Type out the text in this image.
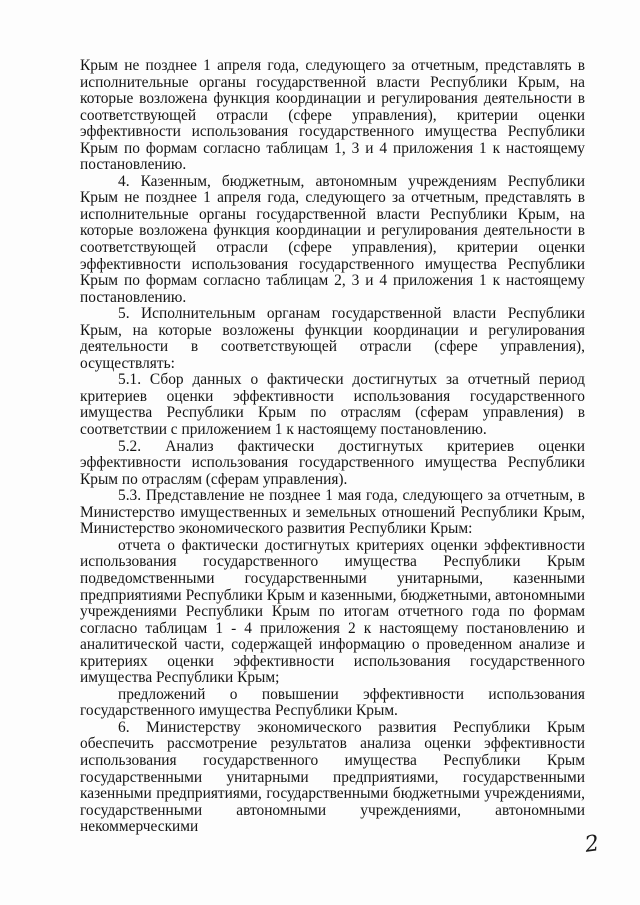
Крым не позднее 1 апреля года, следующего за отчетным, представлять в исполнительные органы государственной власти Республики Крым, на которые возложена функция координации и регулирования деятельности в соответствующей отрасли (сфере управления), критерии оценки эффективности использования государственного имущества Республики Крым по формам согласно таблицам 1, 3 и 4 приложения 1 к настоящему постановлению.

4. Казенным, бюджетным, автономным учреждениям Республики Крым не позднее 1 апреля года, следующего за отчетным, представлять в исполнительные органы государственной власти Республики Крым, на которые возложена функция координации и регулирования деятельности в соответствующей отрасли (сфере управления), критерии оценки эффективности использования государственного имущества Республики Крым по формам согласно таблицам 2, 3 и 4 приложения 1 к настоящему постановлению.

5. Исполнительным органам государственной власти Республики Крым, на которые возложены функции координации и регулирования деятельности в соответствующей отрасли (сфере управления), осуществлять:

5.1. Сбор данных о фактически достигнутых за отчетный период критериев оценки эффективности использования государственного имущества Республики Крым по отраслям (сферам управления) в соответствии с приложением 1 к настоящему постановлению.

5.2. Анализ фактически достигнутых критериев оценки эффективности использования государственного имущества Республики Крым по отраслям (сферам управления).

5.3. Представление не позднее 1 мая года, следующего за отчетным, в Министерство имущественных и земельных отношений Республики Крым, Министерство экономического развития Республики Крым:

отчета о фактически достигнутых критериях оценки эффективности использования государственного имущества Республики Крым подведомственными государственными унитарными, казенными предприятиями Республики Крым и казенными, бюджетными, автономными учреждениями Республики Крым по итогам отчетного года по формам согласно таблицам 1 - 4 приложения 2 к настоящему постановлению и аналитической части, содержащей информацию о проведенном анализе и критериях оценки эффективности использования государственного имущества Республики Крым;

предложений о повышении эффективности использования государственного имущества Республики Крым.

6. Министерству экономического развития Республики Крым обеспечить рассмотрение результатов анализа оценки эффективности использования государственного имущества Республики Крым государственными унитарными предприятиями, государственными казенными предприятиями, государственными бюджетными учреждениями, государственными автономными учреждениями, автономными некоммерческими

2
